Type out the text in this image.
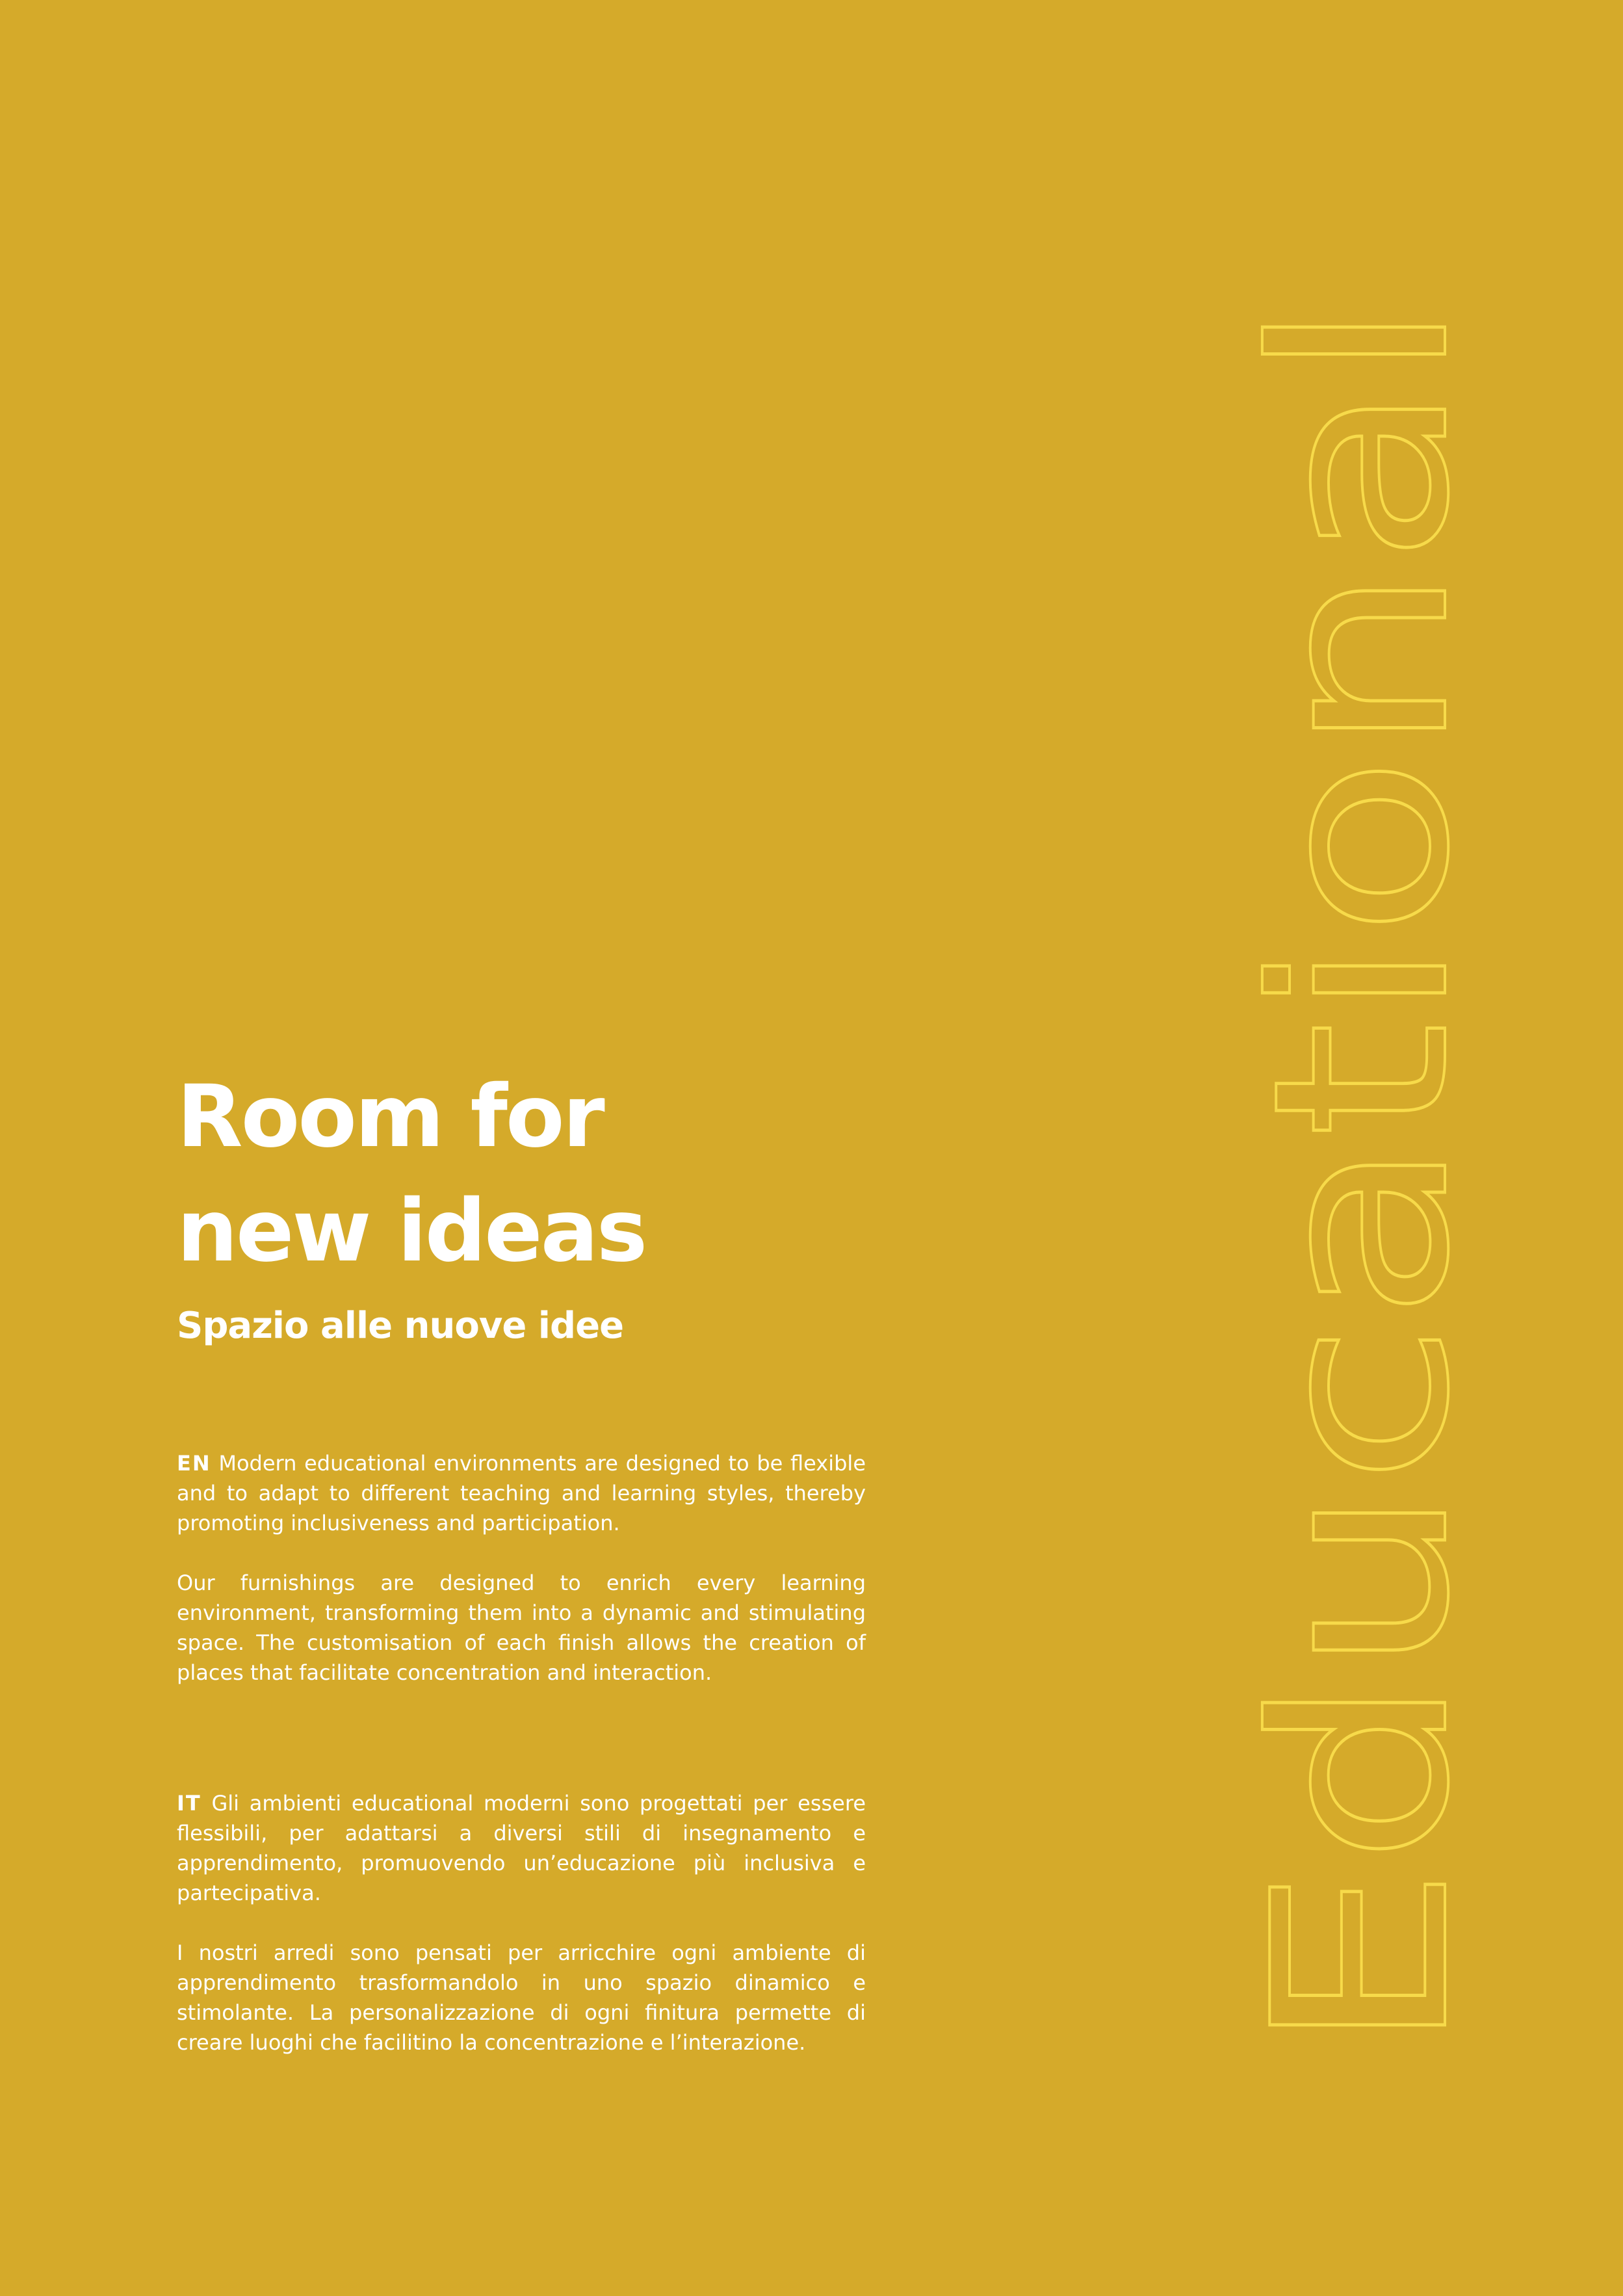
Room for
new ideas
Spazio alle nuove idee

EN Modern educational environments are designed to be flexible and to adapt to different teaching and learning styles, thereby promoting inclusiveness and participation.

Our furnishings are designed to enrich every learning environment, transforming them into a dynamic and stimulating space. The customisation of each finish allows the creation of places that facilitate concentration and interaction.

IT Gli ambienti educational moderni sono progettati per essere flessibili, per adattarsi a diversi stili di insegnamento e apprendimento, promuovendo un’educazione più inclusiva e partecipativa.

I nostri arredi sono pensati per arricchire ogni ambiente di apprendimento trasformandolo in uno spazio dinamico e stimolante. La personalizzazione di ogni finitura permette di creare luoghi che facilitino la concentrazione e l’interazione. Educational
